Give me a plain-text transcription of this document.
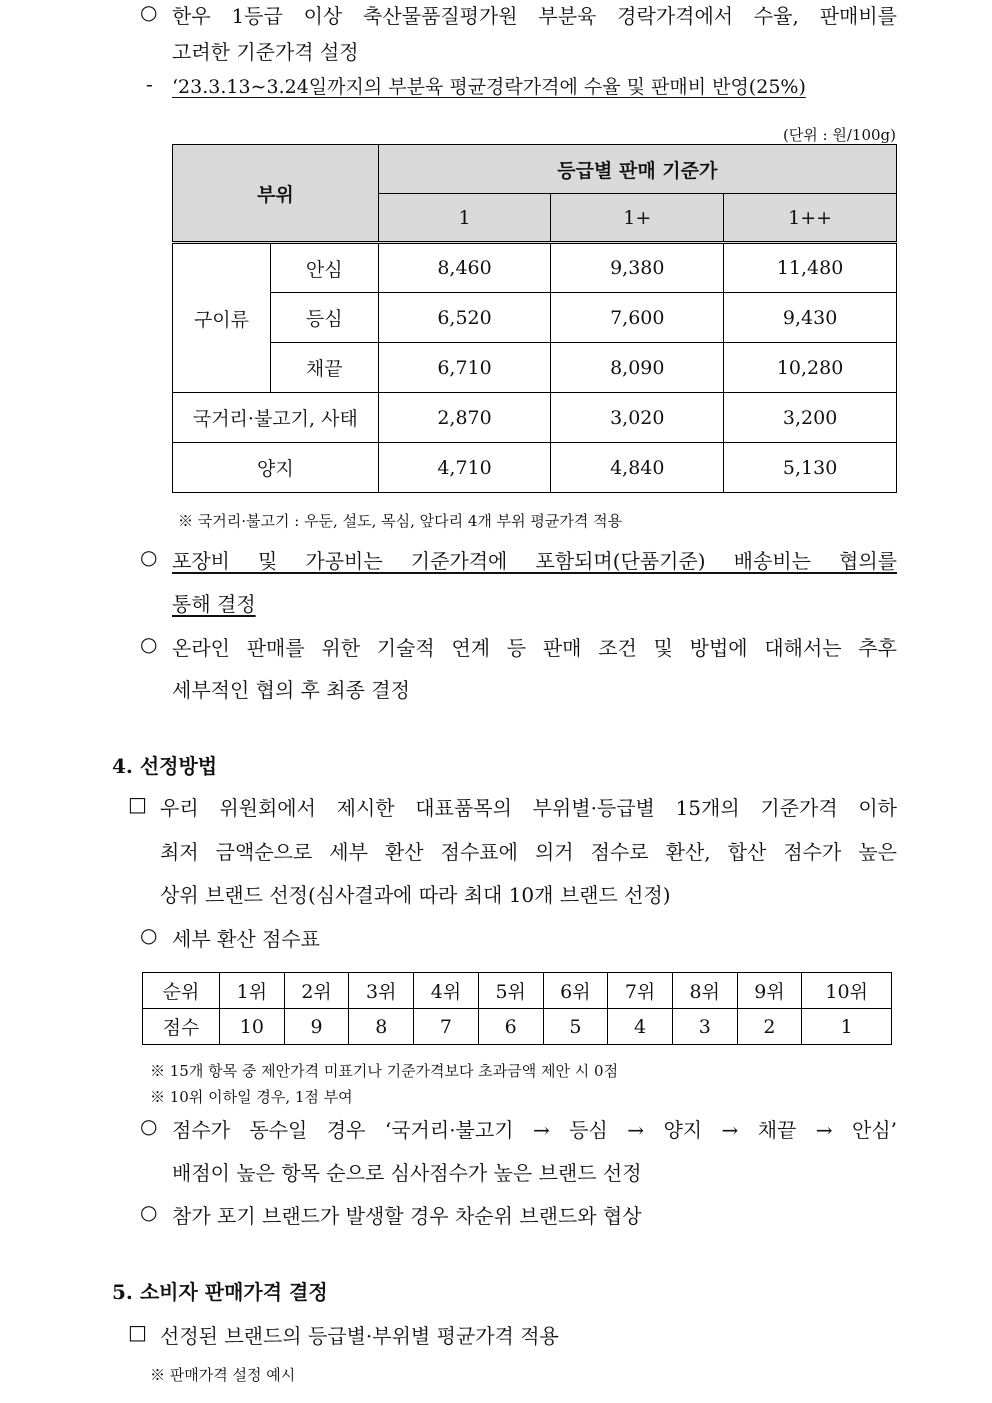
○ 한우 1등급 이상 축산물품질평가원 부분육 경락가격에서 수율, 판매비를
고려한 기준가격 설정
- ‘23.3.13∼3.24일까지의 부분육 평균경락가격에 수율 및 판매비 반영(25%)
(단위 : 원/100g)
부위		등급별 판매 기준가		
		1	1+	1++
구이류	안심	8,460	9,380	11,480
	등심	6,520	7,600	9,430
	채끝	6,710	8,090	10,280
국거리·불고기, 사태		2,870	3,020	3,200
양지		4,710	4,840	5,130
※ 국거리·불고기 : 우둔, 설도, 목심, 앞다리 4개 부위 평균가격 적용
○ 포장비 및 가공비는 기준가격에 포함되며(단품기준) 배송비는 협의를
통해 결정
○ 온라인 판매를 위한 기술적 연계 등 판매 조건 및 방법에 대해서는 추후
세부적인 협의 후 최종 결정
4. 선정방법
□ 우리 위원회에서 제시한 대표품목의 부위별·등급별 15개의 기준가격 이하
최저 금액순으로 세부 환산 점수표에 의거 점수로 환산, 합산 점수가 높은
상위 브랜드 선정(심사결과에 따라 최대 10개 브랜드 선정)
○ 세부 환산 점수표
순위	1위	2위	3위	4위	5위	6위	7위	8위	9위	10위
점수	10	9	8	7	6	5	4	3	2	1
※ 15개 항목 중 제안가격 미표기나 기준가격보다 초과금액 제안 시 0점
※ 10위 이하일 경우, 1점 부여
○ 점수가 동수일 경우 ‘국거리·불고기 → 등심 → 양지 → 채끝 → 안심’
배점이 높은 항목 순으로 심사점수가 높은 브랜드 선정
○ 참가 포기 브랜드가 발생할 경우 차순위 브랜드와 협상
5. 소비자 판매가격 결정
□ 선정된 브랜드의 등급별·부위별 평균가격 적용
※ 판매가격 설정 예시
